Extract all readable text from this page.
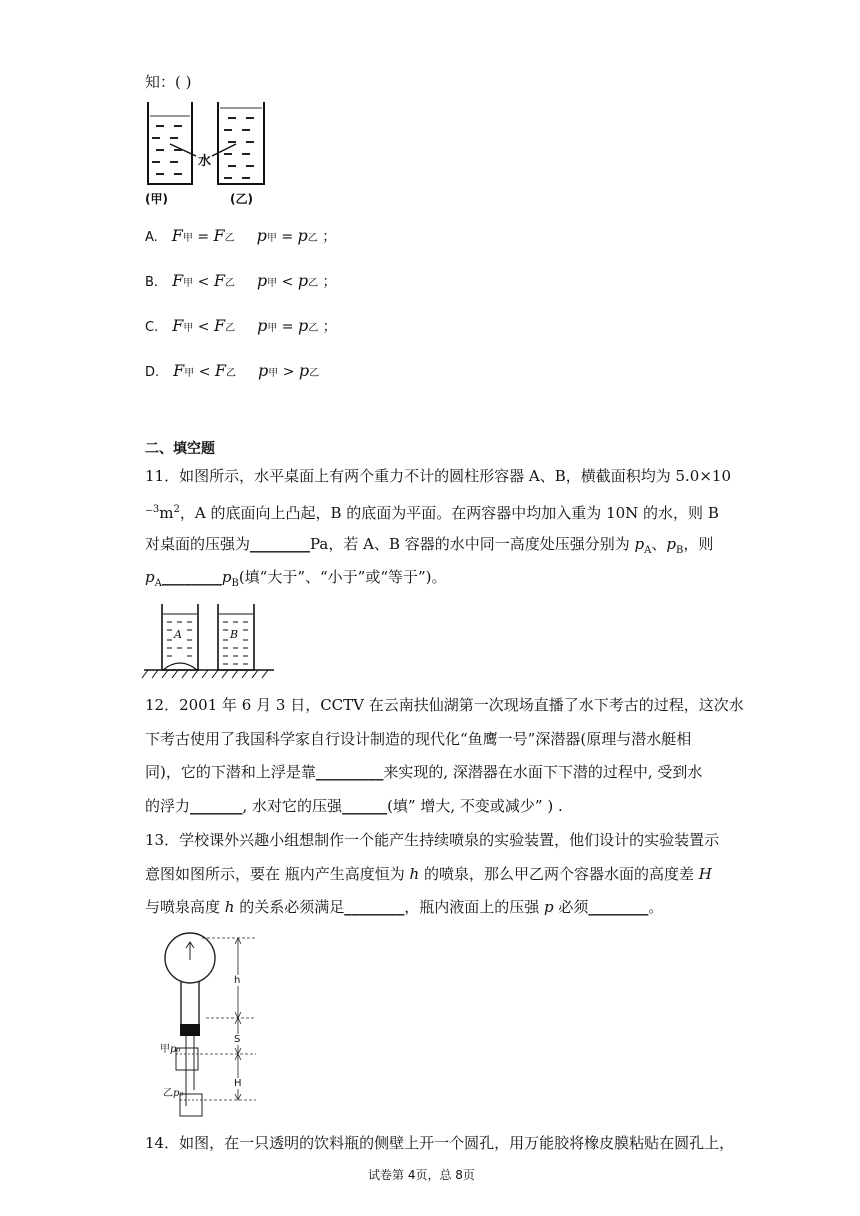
知：( )
水
(甲)	(乙)
A. F甲 = F乙 p甲 = p乙 ；
B. F甲 < F乙 p甲 < p乙 ；
C. F甲 < F乙 p甲 = p乙 ；
D. F甲 < F乙 p甲 > p乙
二、填空题
11．如图所示，水平桌面上有两个重力不计的圆柱形容器 A、B，横截面积均为 5.0×10
$^-^3m^2$，A 的底面向上凸起，B 的底面为平面。在两容器中均加入重为 10N 的水，则 B
对桌面的压强为________Pa，若 A、B 容器的水中同一高度处压强分别为 $p_A$、$p_B$，则
$p_A\_\_\_\_\_\_\_\_p_B$(填“大于”、“小于”或“等于”)。
A	B
12．2001 年 6 月 3 日，CCTV 在云南扶仙湖第一次现场直播了水下考古的过程，这次水
下考古使用了我国科学家自行设计制造的现代化“鱼鹰一号”深潜器(原理与潜水艇相
同)，它的下潜和上浮是靠_________来实现的, 深潜器在水面下下潜的过程中, 受到水
的浮力_______, 水对它的压强______(填” 增大, 不变或减少” ) .
13．学校课外兴趣小组想制作一个能产生持续喷泉的实验装置，他们设计的实验装置示
意图如图所示，要在 瓶内产生高度恒为 h 的喷泉，那么甲乙两个容器水面的高度差 H
与喷泉高度 h 的关系必须满足________，瓶内液面上的压强 p 必须________。
h
S
H
甲p₀
乙p₀
14．如图，在一只透明的饮料瓶的侧壁上开一个圆孔，用万能胶将橡皮膜粘贴在圆孔上，
试卷第 4页，总 8页
